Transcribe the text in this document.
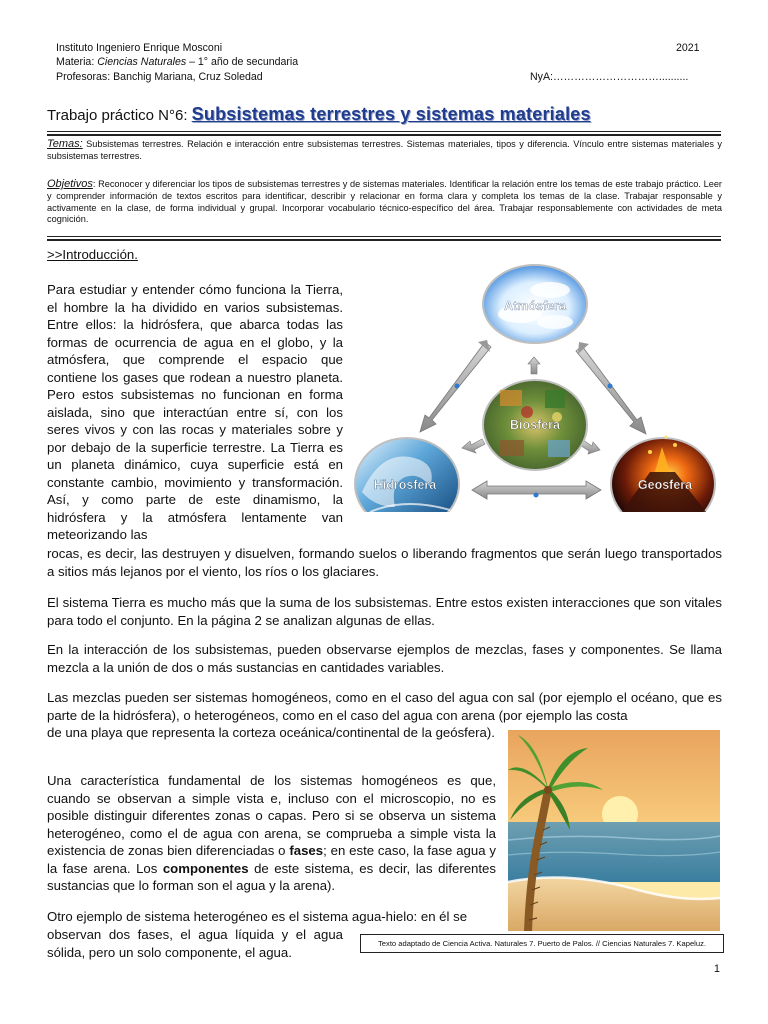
Instituto Ingeniero Enrique Mosconi	2021
Materia: Ciencias Naturales – 1° año de secundaria
Profesoras: Banchig Mariana, Cruz Soledad	NyA:…………………………..........
Trabajo práctico N°6: Subsistemas terrestres y sistemas materiales
Temas: Subsistemas terrestres. Relación e interacción entre subsistemas terrestres. Sistemas materiales, tipos y diferencia. Vínculo entre sistemas materiales y subsistemas terrestres.
Objetivos: Reconocer y diferenciar los tipos de subsistemas terrestres y de sistemas materiales. Identificar la relación entre los temas de este trabajo práctico. Leer y comprender información de textos escritos para identificar, describir y relacionar en forma clara y completa los temas de la clase. Trabajar responsable y activamente en la clase, de forma individual y grupal. Incorporar vocabulario técnico-específico del área. Trabajar responsablemente con actividades de meta cognición.
>>Introducción.
Para estudiar y entender cómo funciona la Tierra, el hombre la ha dividido en varios subsistemas. Entre ellos: la hidrósfera, que abarca todas las formas de ocurrencia de agua en el globo, y la atmósfera, que comprende el espacio que contiene los gases que rodean a nuestro planeta. Pero estos subsistemas no funcionan en forma aislada, sino que interactúan entre sí, con los seres vivos y con las rocas y materiales sobre y por debajo de la superficie terrestre. La Tierra es un planeta dinámico, cuya superficie está en constante cambio, movimiento y transformación. Así, y como parte de este dinamismo, la hidrósfera y la atmósfera lentamente van meteorizando las
rocas, es decir, las destruyen y disuelven, formando suelos o liberando fragmentos que serán luego transportados a sitios más lejanos por el viento, los ríos o los glaciares.
El sistema Tierra es mucho más que la suma de los subsistemas. Entre estos existen interacciones que son vitales para todo el conjunto. En la página 2 se analizan algunas de ellas.
En la interacción de los subsistemas, pueden observarse ejemplos de mezclas, fases y componentes. Se llama mezcla a la unión de dos o más sustancias en cantidades variables.
Las mezclas pueden ser sistemas homogéneos, como en el caso del agua con sal (por ejemplo el océano, que es parte de la hidrósfera), o heterogéneos, como en el caso del agua con arena (por ejemplo las costa
de una playa que representa la corteza oceánica/continental de la geósfera).
Una característica fundamental de los sistemas homogéneos es que, cuando se observan a simple vista e, incluso con el microscopio, no es posible distinguir diferentes zonas o capas. Pero si se observa un sistema heterogéneo, como el de agua con arena, se comprueba a simple vista la existencia de zonas bien diferenciadas o fases; en este caso, la fase agua y la fase arena. Los componentes de este sistema, es decir, las diferentes sustancias que lo forman son el agua y la arena).
Otro ejemplo de sistema heterogéneo es el sistema agua-hielo: en él se
observan dos fases, el agua líquida y el agua sólida, pero un solo componente, el agua.
Texto adaptado de Ciencia Activa. Naturales 7. Puerto de Palos. // Ciencias Naturales 7. Kapeluz.
1
Atmósfera
Biosfera
Hidrosfera	Geosfera
